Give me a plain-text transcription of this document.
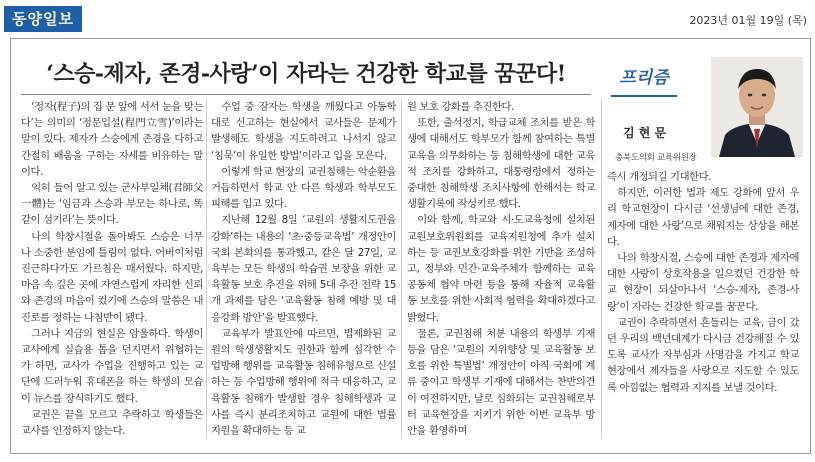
동양일보	2023년 01월 19일 (목)
‘스승-제자, 존경-사랑’이 자라는 건강한 학교를 꿈꾼다!	프리즘
김 현 문
충북도의회 교육위원장

‘정자(程子)의 집 문 앞에 서서 눈을 맞는다’는 의미의 ‘정문입설(程門立雪)’이라는 말이 있다. 제자가 스승에게 존경을 다하고 간절히 배움을 구하는 자세를 비유하는 말이다.

익히 들어 알고 있는 군사부일체(君師父一體)는 ‘임금과 스승과 부모는 하나로, 똑같이 섬기라’는 뜻이다.

나의 학창시절을 돌아봐도 스승은 너무나 소중한 분임에 틀림이 없다. 어버이처럼 진근하다가도 가르침은 매서웠다. 하지만, 마음 속 깊은 곳에 자연스럽게 자리한 신뢰와 존경의 마음이 컸기에 스승의 말씀은 내 진로를 정하는 나침반이 됐다.

그러나 지금의 현실은 암울하다. 학생이 교사에게 실습용 톱을 던지면서 위협하는가 하면, 교사가 수업을 진행하고 있는 교단에 드러누워 휴대폰을 하는 학생의 모습이 뉴스를 장식하기도 했다.

교권은 끝을 모르고 추락하고 학생들은 교사를 인정하지 않는다.

수업 중 잠자는 학생을 깨웠다고 아동학대로 신고하는 현실에서 교사들은 문제가 발생해도 학생을 지도하려고 나서지 않고 ‘침묵’이 유일한 방법’이라고 입을 모은다.

이렇게 학교 현장의 교권침해는 악순환을 거듭하면서 학교 안 다른 학생과 학부모도 피해를 입고 있다.

지난해 12월 8일 ‘교원의 생활지도권을 강화’하는 내용의 ‘초·중등교육법’ 개정안이 국회 본회의를 통과했고, 같은 달 27일, 교육부는 모든 학생의 학습권 보장을 위한 교육활동 보호 추진을 위해 5대 추진 전략 15개 과제를 담은 ‘교육활동 침해 예방 및 대응강화 방안’을 발표했다.

교육부가 발표안에 따르면, 법제화된 교원의 학생생활지도 권한과 함께 심각한 수업방해 행위를 교육활동 침해유형으로 신설하는 등 수업방해 행위에 적극 대응하고, 교육활동 침해가 발생할 경우 침해학생과 교사를 즉시 분리조치하고 교원에 대한 법률지원을 확대하는 등 교

원 보호 강화를 추진한다.

또한, 출석정지, 학급교체 조치를 받은 학생에 대해서도 학부모가 함께 참여하는 특별교육을 의무화하는 등 침해학생에 대한 교육적 조치를 강화하고, 대통령령에서 정하는 중대한 침해학생 조치사항에 한해서는 학교생활기록에 작성키로 했다.

이와 함께, 학교와 시·도교육청에 설치된 교원보호위원회를 교육지원청에 추가 설치하는 등 교권보호강화를 위한 기반을 조성하고, 정부와 민간·교육주체가 함께하는 교육공동체 협약 마련 등을 통해 자율적 교육활동 보호를 위한 사회적 협력을 확대하겠다고 밝혔다.

물론, 교권침해 처분 내용의 학생부 기재 등을 담은 ‘교원의 지위향상 및 교육활동 보호를 위한 특별법’ 개정안이 아직 국회에 계류 중이고 학생부 기재에 대해서는 찬반의견이 여전하지만, 날로 심화되는 교권침해로부터 교육현장을 지키기 위한 이번 교육부 방안을 환영하며

즉시 개정되길 기대한다.

하지만, 이러한 법과 제도 강화에 앞서 우리 학교현장이 다시금 ‘선생님에 대한 존경, 제자에 대한 사랑’으로 채워지는 상상을 해본다.

나의 학창시절, 스승에 대한 존경과 제자에 대한 사랑이 상호작용을 일으켰던 건강한 학교 현장이 되살아나서 ‘스승-제자, 존경-사랑’이 자라는 건강한 학교를 꿈꾼다.

교권이 추락하면서 흔들리는 교육, 금이 갔던 우리의 백년대계가 다시금 건강해질 수 있도록 교사가 자부심과 사명감을 가지고 학교 현장에서 제자들을 사랑으로 지도할 수 있도록 아낌없는 협력과 지지를 보낼 것이다.
